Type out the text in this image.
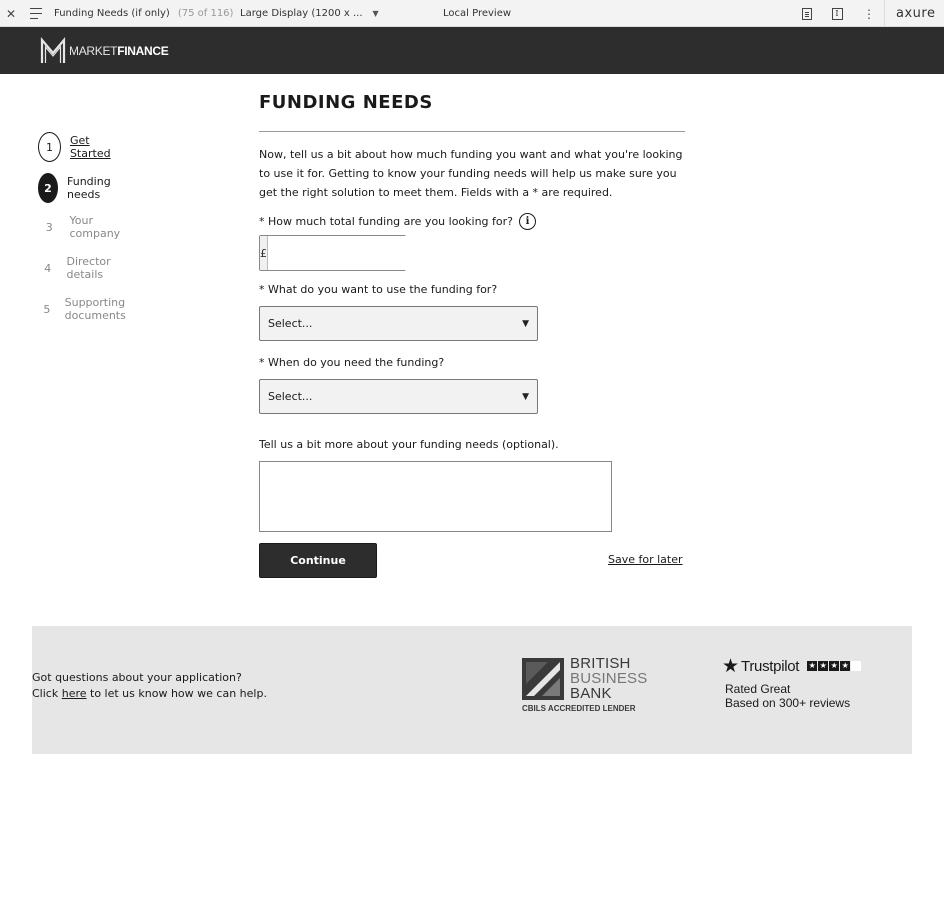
✕	Funding Needs (if only) (75 of 116) Large Display (1200 x ... ▼	Local Preview	I	⋮ axure
MARKETFINANCE
1	Get Started
2	Funding needs
3	Your company
4	Director details
5	Supporting documents
FUNDING NEEDS

Now, tell us a bit about how much funding you want and what you're looking to use it for. Getting to know your funding needs will help us make sure you get the right solution to meet them. Fields with a * are required.

* How much total funding are you looking for?	i
£
* What do you want to use the funding for?
Select...	▼
* When do you need the funding?
Select...	▼
Tell us a bit more about your funding needs (optional).
Continue	Save for later
Got questions about your application?
Click here to let us know how we can help.
BRITISH
BUSINESS
BANK
CBILS ACCREDITED LENDER
★ Trustpilot ★ ★ ★ ★ ★
Rated Great
Based on 300+ reviews
